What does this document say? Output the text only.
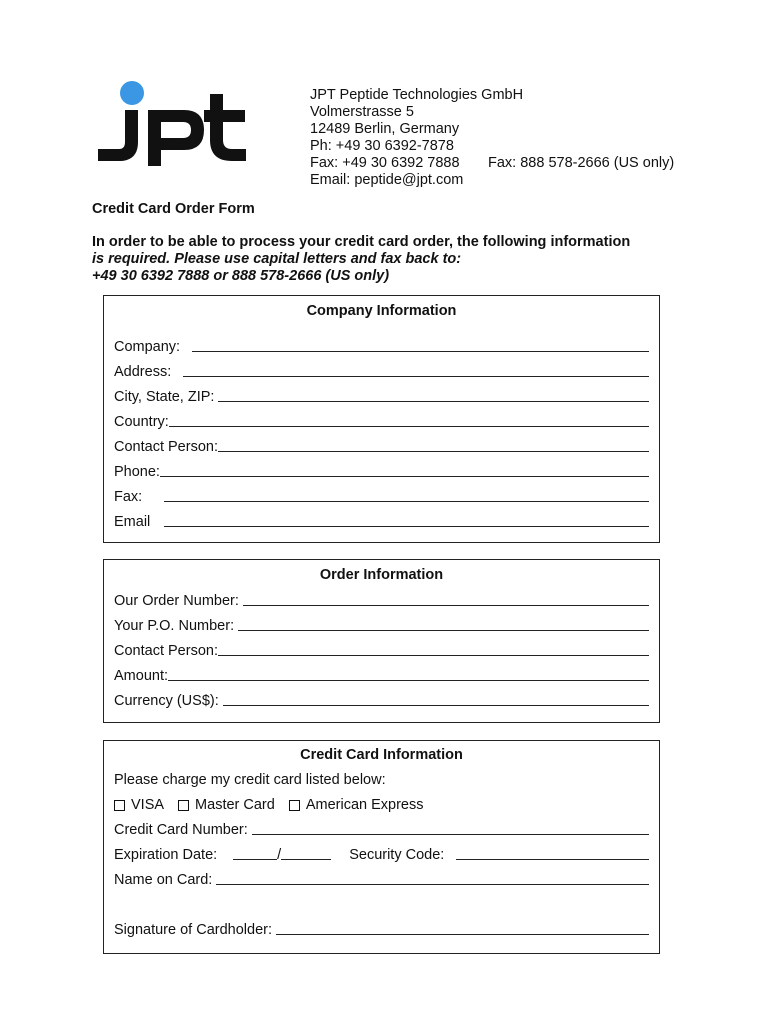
JPT Peptide Technologies GmbH
Volmerstrasse 5
12489 Berlin, Germany
Ph: +49 30 6392-7878
Fax: +49 30 6392 7888 Fax: 888 578-2666 (US only)
Email: peptide@jpt.com
Credit Card Order Form
In order to be able to process your credit card order, the following information
is required. Please use capital letters and fax back to:
+49 30 6392 7888 or 888 578-2666 (US only)
Company Information
Company:
Address:
City, State, ZIP:
Country:
Contact Person:
Phone:
Fax:
Email
Order Information
Our Order Number:
Your P.O. Number:
Contact Person:
Amount:
Currency (US$):
Credit Card Information
Please charge my credit card listed below:
VISA Master Card American Express
Credit Card Number:
Expiration Date:	/	Security Code:
Name on Card:
Signature of Cardholder:
